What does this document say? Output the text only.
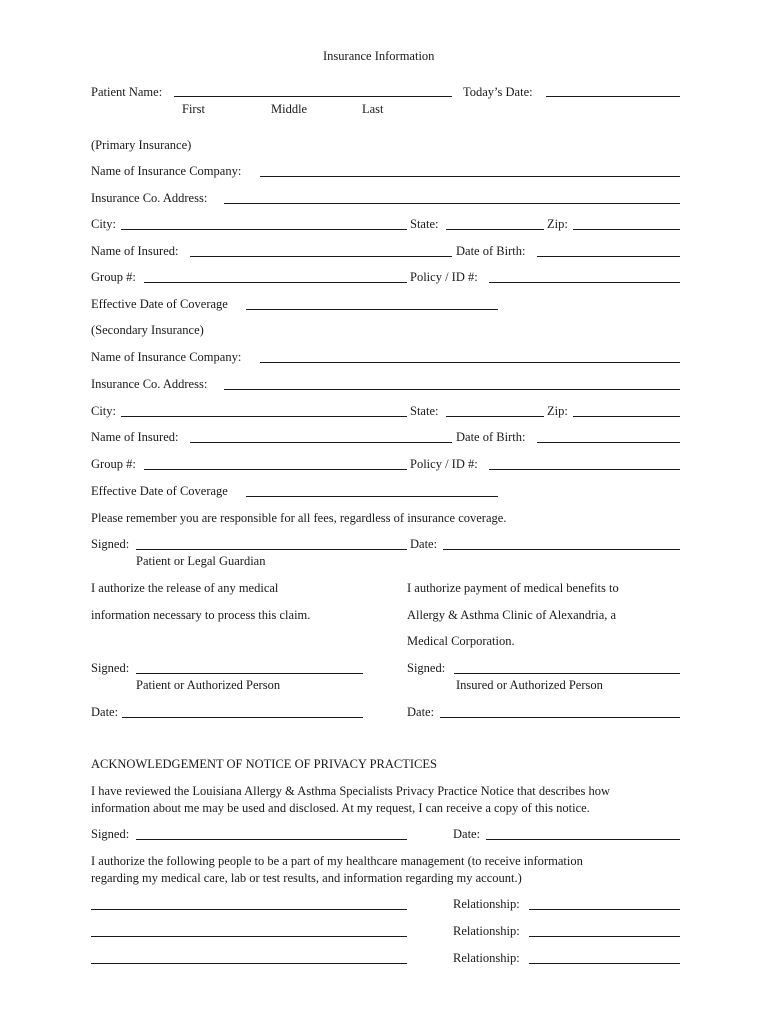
Insurance Information
Patient Name:	Today’s Date:
First	Middle	Last
(Primary Insurance)
Name of Insurance Company:
Insurance Co. Address:
City:	State:	Zip:
Name of Insured:	Date of Birth:
Group #:	Policy / ID #:
Effective Date of Coverage
(Secondary Insurance)
Name of Insurance Company:
Insurance Co. Address:
City:	State:	Zip:
Name of Insured:	Date of Birth:
Group #:	Policy / ID #:
Effective Date of Coverage
Please remember you are responsible for all fees, regardless of insurance coverage.
Signed:	Date:
Patient or Legal Guardian
I authorize the release of any medical
information necessary to process this claim.
I authorize payment of medical benefits to
Allergy & Asthma Clinic of Alexandria, a
Medical Corporation.
Signed:	Signed:
Patient or Authorized Person	Insured or Authorized Person
Date:	Date:
ACKNOWLEDGEMENT OF NOTICE OF PRIVACY PRACTICES
I have reviewed the Louisiana Allergy & Asthma Specialists Privacy Practice Notice that describes how
information about me may be used and disclosed. At my request, I can receive a copy of this notice.
Signed:	Date:
I authorize the following people to be a part of my healthcare management (to receive information
regarding my medical care, lab or test results, and information regarding my account.)
Relationship:
Relationship:
Relationship:
